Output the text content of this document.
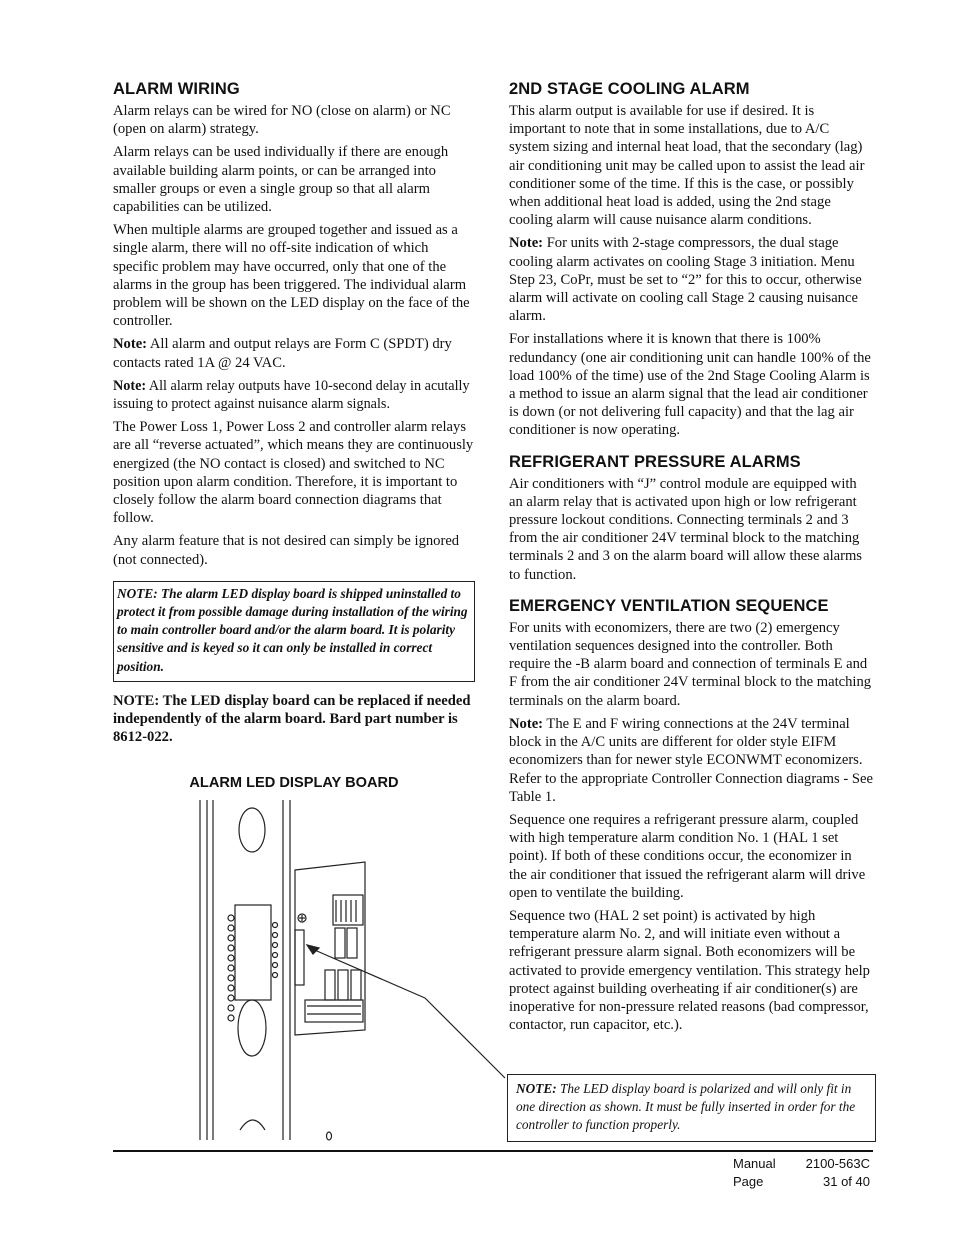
ALARM WIRING

Alarm relays can be wired for NO (close on alarm) or NC (open on alarm) strategy.

Alarm relays can be used individually if there are enough available building alarm points, or can be arranged into smaller groups or even a single group so that all alarm capabilities can be utilized.

When multiple alarms are grouped together and issued as a single alarm, there will no off-site indication of which specific problem may have occurred, only that one of the alarms in the group has been triggered. The individual alarm problem will be shown on the LED display on the face of the controller.

Note: All alarm and output relays are Form C (SPDT) dry contacts rated 1A @ 24 VAC.

Note: All alarm relay outputs have 10-second delay in acutally issuing to protect against nuisance alarm signals.

The Power Loss 1, Power Loss 2 and controller alarm relays are all “reverse actuated”, which means they are continuously energized (the NO contact is closed) and switched to NC position upon alarm condition. Therefore, it is important to closely follow the alarm board connection diagrams that follow.

Any alarm feature that is not desired can simply be ignored (not connected).

NOTE: The alarm LED display board is shipped uninstalled to protect it from possible damage during installation of the wiring to main controller board and/or the alarm board. It is polarity sensitive and is keyed so it can only be installed in correct position.
NOTE: The LED display board can be replaced if needed independently of the alarm board. Bard part number is 8612-022.
ALARM LED DISPLAY BOARD
2ND STAGE COOLING ALARM

This alarm output is available for use if desired. It is important to note that in some installations, due to A/C system sizing and internal heat load, that the secondary (lag) air conditioning unit may be called upon to assist the lead air conditioner some of the time. If this is the case, or possibly when additional heat load is added, using the 2nd stage cooling alarm will cause nuisance alarm conditions.

Note: For units with 2-stage compressors, the dual stage cooling alarm activates on cooling Stage 3 initiation. Menu Step 23, CoPr, must be set to “2” for this to occur, otherwise alarm will activate on cooling call Stage 2 causing nuisance alarm.

For installations where it is known that there is 100% redundancy (one air conditioning unit can handle 100% of the load 100% of the time) use of the 2nd Stage Cooling Alarm is a method to issue an alarm signal that the lead air conditioner is down (or not delivering full capacity) and that the lag air conditioner is now operating.

REFRIGERANT PRESSURE ALARMS

Air conditioners with “J” control module are equipped with an alarm relay that is activated upon high or low refrigerant pressure lockout conditions. Connecting terminals 2 and 3 from the air conditioner 24V terminal block to the matching terminals 2 and 3 on the alarm board will allow these alarms to function.

EMERGENCY VENTILATION SEQUENCE

For units with economizers, there are two (2) emergency ventilation sequences designed into the controller. Both require the -B alarm board and connection of terminals E and F from the air conditioner 24V terminal block to the matching terminals on the alarm board.

Note: The E and F wiring connections at the 24V terminal block in the A/C units are different for older style EIFM economizers than for newer style ECONWMT economizers. Refer to the appropriate Controller Connection diagrams - See Table 1.

Sequence one requires a refrigerant pressure alarm, coupled with high temperature alarm condition No. 1 (HAL 1 set point). If both of these conditions occur, the economizer in the air conditioner that issued the refrigerant alarm will drive open to ventilate the building.

Sequence two (HAL 2 set point) is activated by high temperature alarm No. 2, and will initiate even without a refrigerant pressure alarm signal. Both economizers will be activated to provide emergency ventilation. This strategy help protect against building overheating if air conditioner(s) are inoperative for non-pressure related reasons (bad compressor, contactor, run capacitor, etc.).

NOTE: The LED display board is polarized and will only fit in one direction as shown. It must be fully inserted in order for the controller to function properly.
Manual 2100-563C
Page	31 of 40
